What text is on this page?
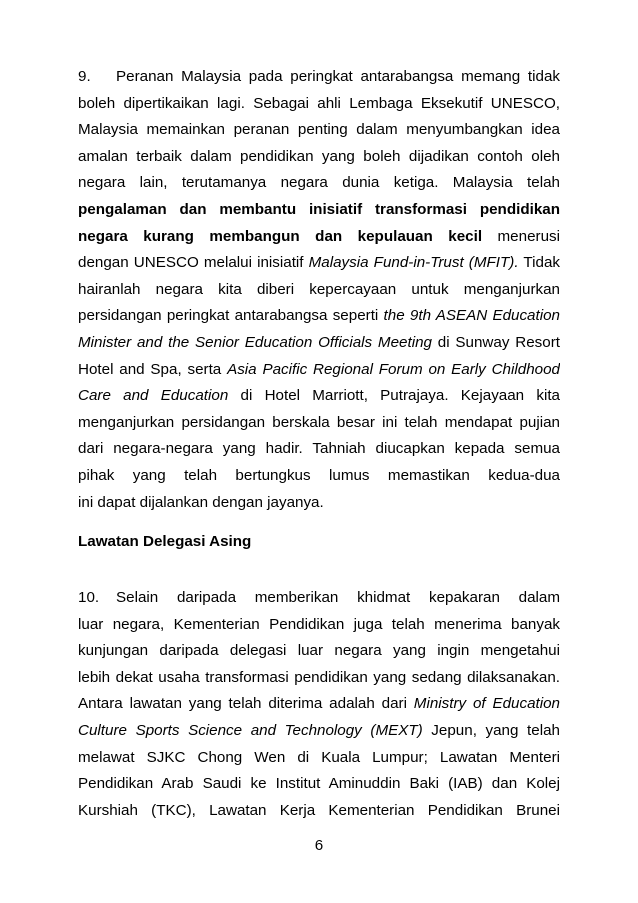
9. Peranan Malaysia pada peringkat antarabangsa memang tidak
boleh dipertikaikan lagi. Sebagai ahli Lembaga Eksekutif UNESCO,
Malaysia memainkan peranan penting dalam menyumbangkan idea
amalan terbaik dalam pendidikan yang boleh dijadikan contoh oleh
negara lain, terutamanya negara dunia ketiga. Malaysia telah
pengalaman dan membantu inisiatif transformasi pendidikan
negara kurang membangun dan kepulauan kecil menerusi
dengan UNESCO melalui inisiatif Malaysia Fund-in-Trust (MFIT). Tidak
hairanlah negara kita diberi kepercayaan untuk menganjurkan
persidangan peringkat antarabangsa seperti the 9th ASEAN Education
Minister and the Senior Education Officials Meeting di Sunway Resort
Hotel and Spa, serta Asia Pacific Regional Forum on Early Childhood
Care and Education di Hotel Marriott, Putrajaya. Kejayaan kita
menganjurkan persidangan berskala besar ini telah mendapat pujian
dari negara-negara yang hadir. Tahniah diucapkan kepada semua
pihak yang telah bertungkus lumus memastikan kedua-dua
ini dapat dijalankan dengan jayanya.
Lawatan Delegasi Asing
10. Selain daripada memberikan khidmat kepakaran dalam
luar negara, Kementerian Pendidikan juga telah menerima banyak
kunjungan daripada delegasi luar negara yang ingin mengetahui
lebih dekat usaha transformasi pendidikan yang sedang dilaksanakan.
Antara lawatan yang telah diterima adalah dari Ministry of Education
Culture Sports Science and Technology (MEXT) Jepun, yang telah
melawat SJKC Chong Wen di Kuala Lumpur; Lawatan Menteri
Pendidikan Arab Saudi ke Institut Aminuddin Baki (IAB) dan Kolej
Kurshiah (TKC), Lawatan Kerja Kementerian Pendidikan Brunei
6
